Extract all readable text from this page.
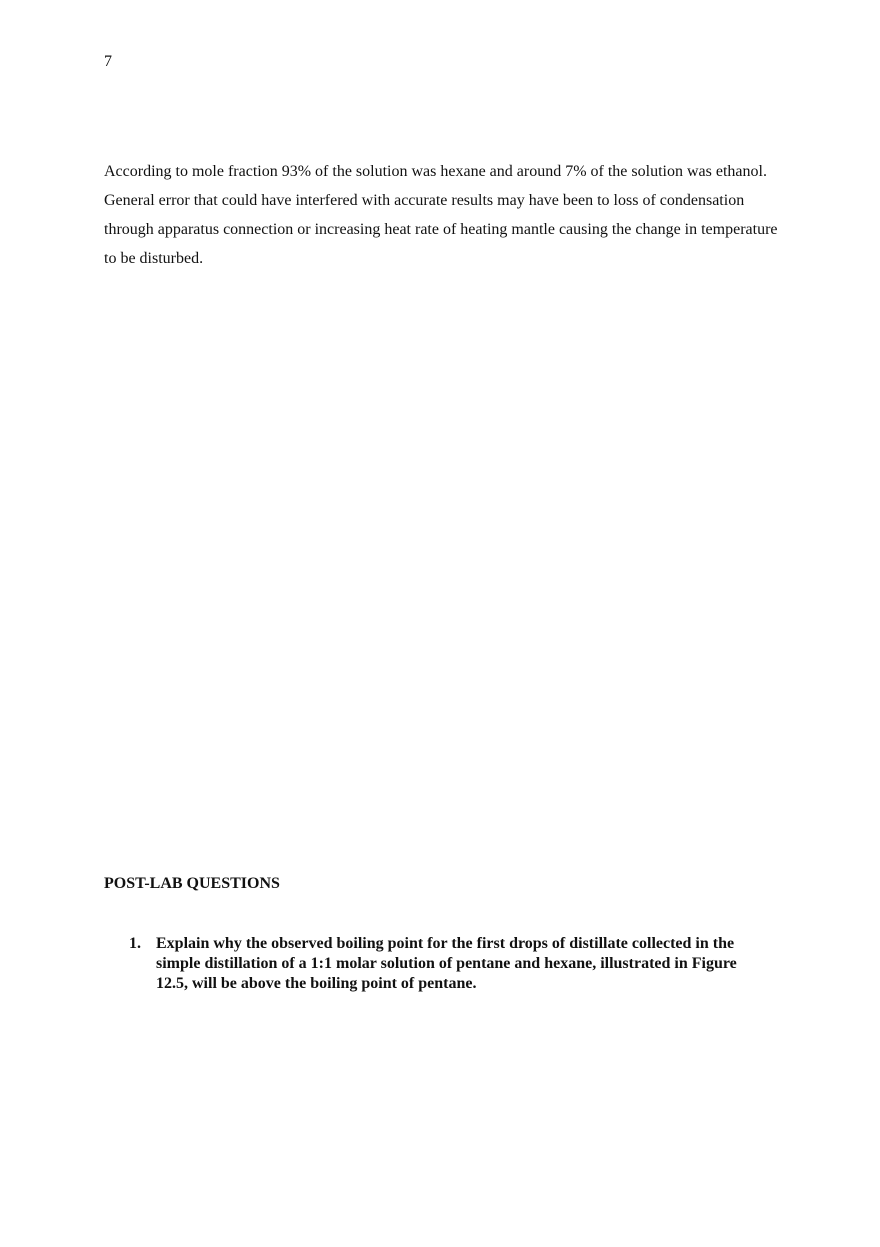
7

According to mole fraction 93% of the solution was hexane and around 7% of the solution was ethanol. General error that could have interfered with accurate results may have been to loss of condensation through apparatus connection or increasing heat rate of heating mantle causing the change in temperature to be disturbed.

POST-LAB QUESTIONS
1. Explain why the observed boiling point for the first drops of distillate collected in the simple distillation of a 1:1 molar solution of pentane and hexane, illustrated in Figure 12.5, will be above the boiling point of pentane.
